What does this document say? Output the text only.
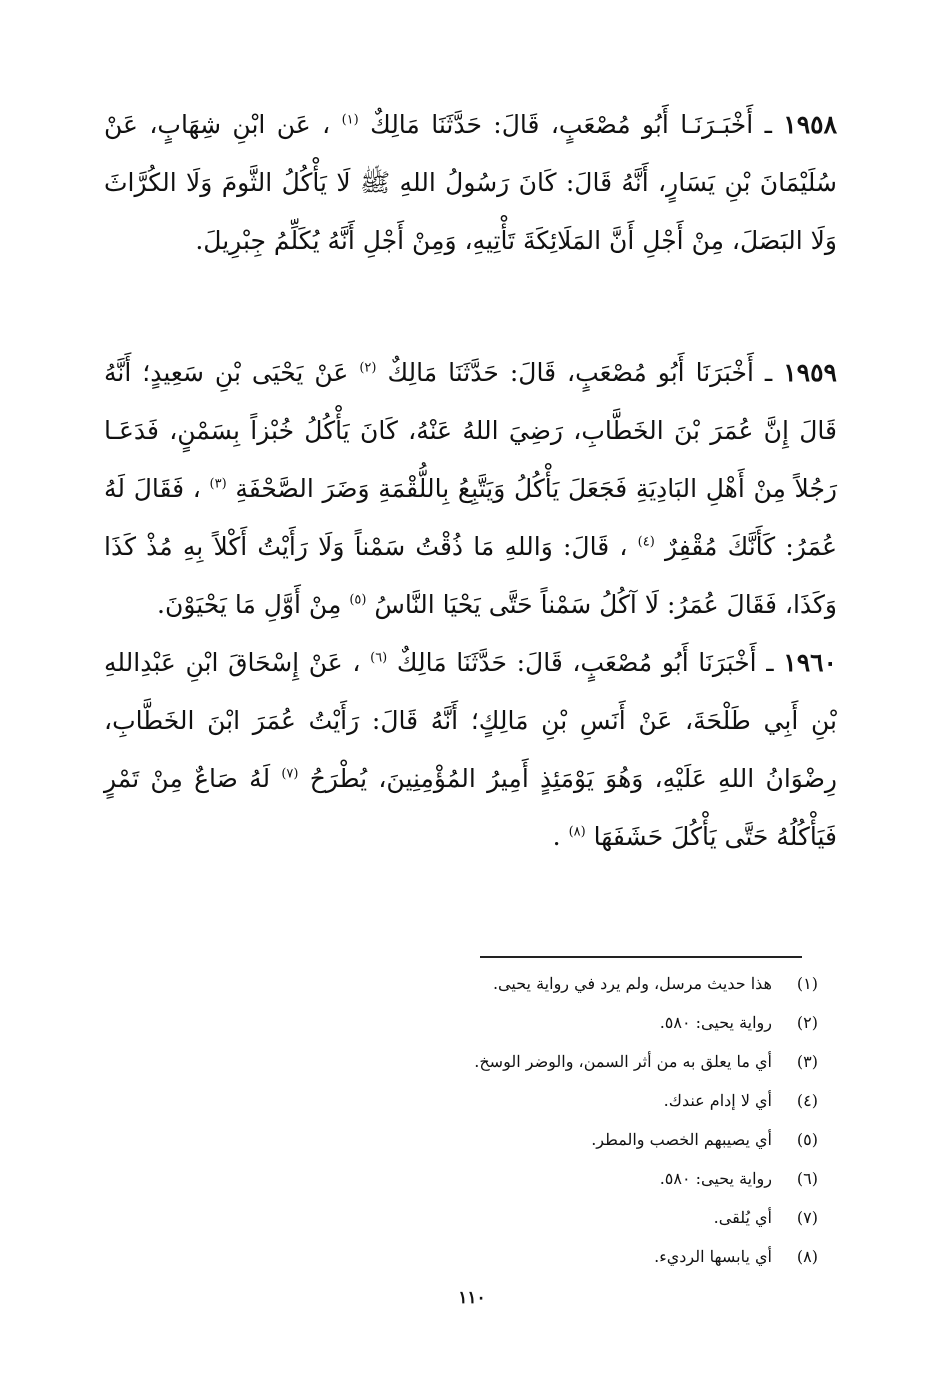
١٩٥٨ ـ أَخْبَـرَنَـا أَبُو مُصْعَبٍ، قَالَ: حَدَّثَنَا مَالِكٌ $^{(١)}$ ، عَن ابْنِ شِهَابٍ، عَنْ سُلَيْمَانَ بْنِ يَسَارٍ، أَنَّهُ قَالَ: كَانَ رَسُولُ اللهِ ﷺ لَا يَأْكُلُ الثَّومَ وَلَا الكُرَّاثَ وَلَا البَصَلَ، مِنْ أَجْلِ أَنَّ المَلَائِكَةَ تَأْتِيهِ، وَمِنْ أَجْلِ أَنَّهُ يُكَلِّمُ جِبْرِيلَ.

١٩٥٩ ـ أَخْبَرَنَا أَبُو مُصْعَبٍ، قَالَ: حَدَّثَنَا مَالِكٌ $^{(٢)}$ عَنْ يَحْيَى بْنِ سَعِيدٍ؛ أَنَّهُ قَالَ إِنَّ عُمَرَ بْنَ الخَطَّابِ، رَضِيَ اللهُ عَنْهُ، كَانَ يَأْكُلُ خُبْزاً بِسَمْنٍ، فَدَعَـا رَجُلاً مِنْ أَهْلِ البَادِيَةِ فَجَعَلَ يَأْكُلُ وَيَتَّبِعُ بِاللُّقْمَةِ وَضَرَ الصَّحْفَةِ $^{(٣)}$ ، فَقَالَ لَهُ عُمَرُ: كَأَنَّكَ مُقْفِرٌ $^{(٤)}$ ، قَالَ: وَاللهِ مَا ذُقْتُ سَمْناً وَلَا رَأَيْتُ أَكْلاً بِهِ مُذْ كَذَا وَكَذَا، فَقَالَ عُمَرُ: لَا آكُلُ سَمْناً حَتَّى يَحْيَا النَّاسُ $^{(٥)}$ مِنْ أَوَّلِ مَا يَحْيَوْنَ.

١٩٦٠ ـ أَخْبَرَنَا أَبُو مُصْعَبٍ، قَالَ: حَدَّثَنَا مَالِكٌ $^{(٦)}$ ، عَنْ إِسْحَاقَ ابْنِ عَبْدِاللهِ بْنِ أَبِي طَلْحَةَ، عَنْ أَنَسِ بْنِ مَالِكٍ؛ أَنَّهُ قَالَ: رَأَيْتُ عُمَرَ ابْنَ الخَطَّابِ، رِضْوَانُ اللهِ عَلَيْهِ، وَهُوَ يَوْمَئِذٍ أَمِيرُ المُؤْمِنِينَ، يُطْرَحُ $^{(٧)}$ لَهُ صَاعٌ مِنْ تَمْرٍ فَيَأْكُلُهُ حَتَّى يَأْكُلَ حَشَفَهَا $^{(٨)}$ .

(١)هذا حديث مرسل، ولم يرد في رواية يحيى.
(٢)رواية يحيى: ٥٨٠.
(٣)أي ما يعلق به من أثر السمن، والوضر الوسخ.
(٤)أي لا إدام عندك.
(٥)أي يصيبهم الخصب والمطر.
(٦)رواية يحيى: ٥٨٠.
(٧)أي يُلقى.
(٨)أي يابسها الرديء.
١١٠
